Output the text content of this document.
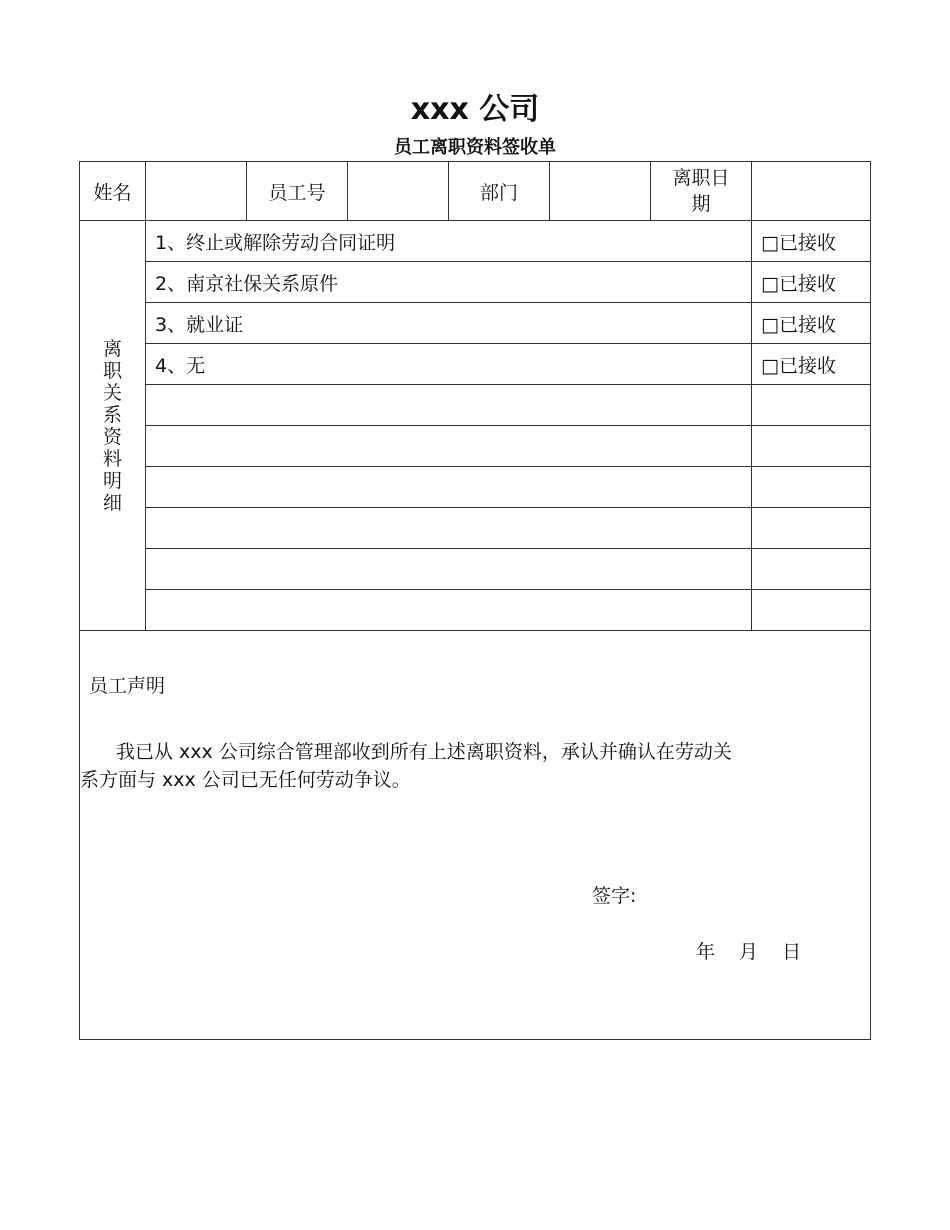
xxx 公司
员工离职资料签收单
姓名		员工号		部门		离职日期	
离职关系资料明细	1、终止或解除劳动合同证明						□已接收
	2、南京社保关系原件						□已接收
	3、就业证						□已接收
	4、无						□已接收

员工声明
我已从 xxx 公司综合管理部收到所有上述离职资料，承认并确认在劳动关
系方面与 xxx 公司已无任何劳动争议。
签字:
年 月 日							
